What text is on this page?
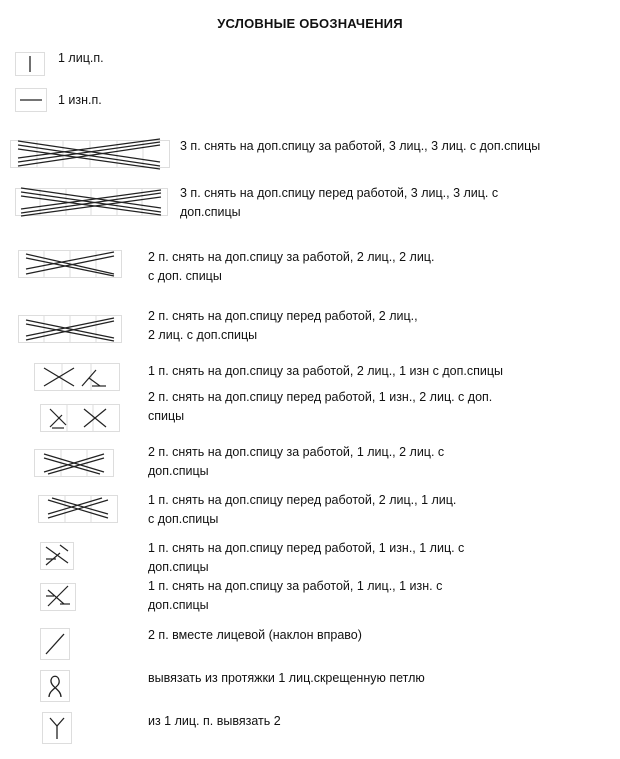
УСЛОВНЫЕ ОБОЗНАЧЕНИЯ
1 лиц.п.
1 изн.п.
3 п. снять на доп.спицу за работой, 3 лиц., 3 лиц. с доп.спицы
3 п. снять на доп.спицу перед работой, 3 лиц., 3 лиц. с
доп.спицы
2 п. снять на доп.спицу за работой, 2 лиц., 2 лиц.
с доп. спицы
2 п. снять на доп.спицу перед работой, 2 лиц.,
2 лиц. с доп.спицы
1 п. снять на доп.спицу за работой, 2 лиц., 1 изн с доп.спицы
2 п. снять на доп.спицу перед работой, 1 изн., 2 лиц. с доп.
спицы
2 п. снять на доп.спицу за работой, 1 лиц., 2 лиц. с
доп.спицы
1 п. снять на доп.спицу перед работой, 2 лиц., 1 лиц.
с доп.спицы
1 п. снять на доп.спицу перед работой, 1 изн., 1 лиц. с
доп.спицы
1 п. снять на доп.спицу за работой, 1 лиц., 1 изн. с
доп.спицы
2 п. вместе лицевой (наклон вправо)
вывязать из протяжки 1 лиц.скрещенную петлю
из 1 лиц. п. вывязать 2
